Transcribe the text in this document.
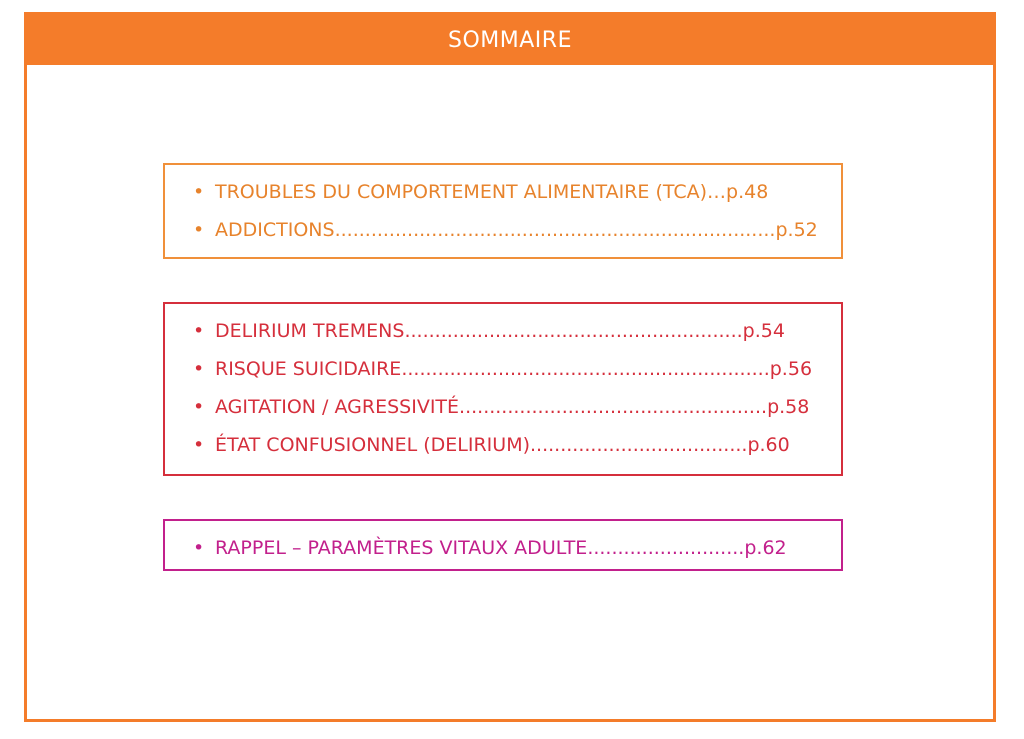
SOMMAIRE
• TROUBLES DU COMPORTEMENT ALIMENTAIRE (TCA) … p.48
• ADDICTIONS ......................................................................... p.52
• DELIRIUM TREMENS ........................................................ p.54
• RISQUE SUICIDAIRE ............................................................. p.56
• AGITATION / AGRESSIVITÉ ................................................... p.58
• ÉTAT CONFUSIONNEL (DELIRIUM) .................................... p.60
• RAPPEL – PARAMÈTRES VITAUX ADULTE .......................... p.62
